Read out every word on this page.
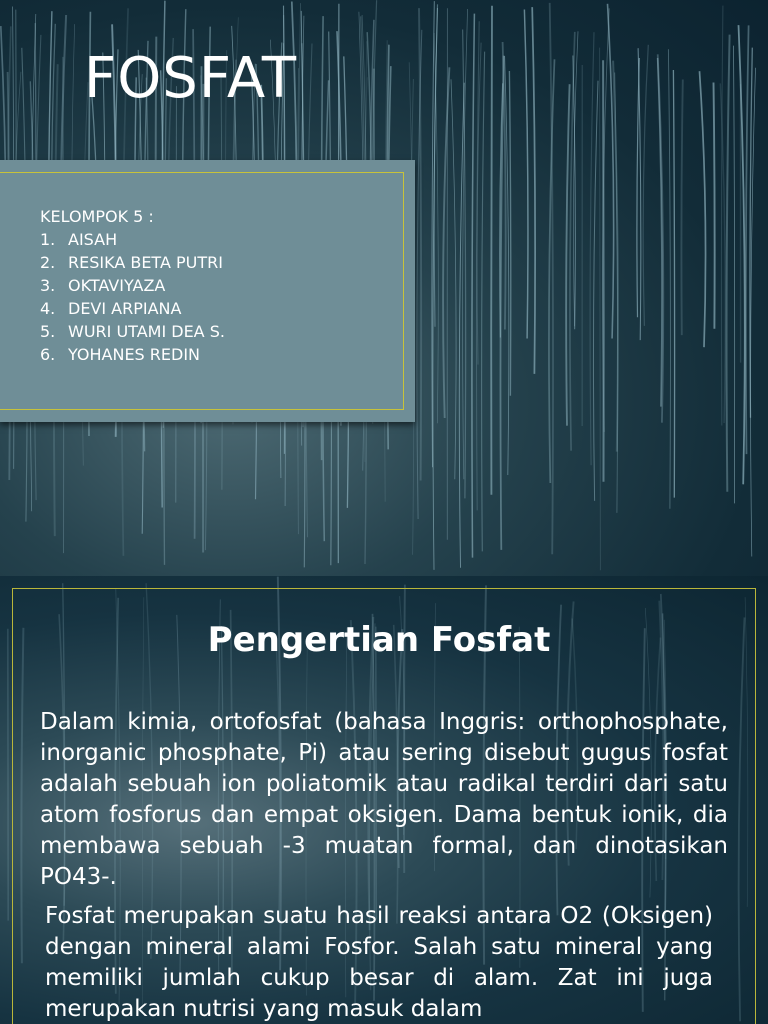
FOSFAT
KELOMPOK 5 :
1. AISAH
2. RESIKA BETA PUTRI
3. OKTAVIYAZA
4. DEVI ARPIANA
5. WURI UTAMI DEA S.
6. YOHANES REDIN
Pengertian Fosfat

Dalam kimia, ortofosfat (bahasa Inggris: orthophosphate, inorganic phosphate, Pi) atau sering disebut gugus fosfat adalah sebuah ion poliatomik atau radikal terdiri dari satu atom fosforus dan empat oksigen. Dama bentuk ionik, dia membawa sebuah -3 muatan formal, dan dinotasikan PO43-.

Fosfat merupakan suatu hasil reaksi antara O2 (Oksigen) dengan mineral alami Fosfor. Salah satu mineral yang memiliki jumlah cukup besar di alam. Zat ini juga merupakan nutrisi yang masuk dalam
